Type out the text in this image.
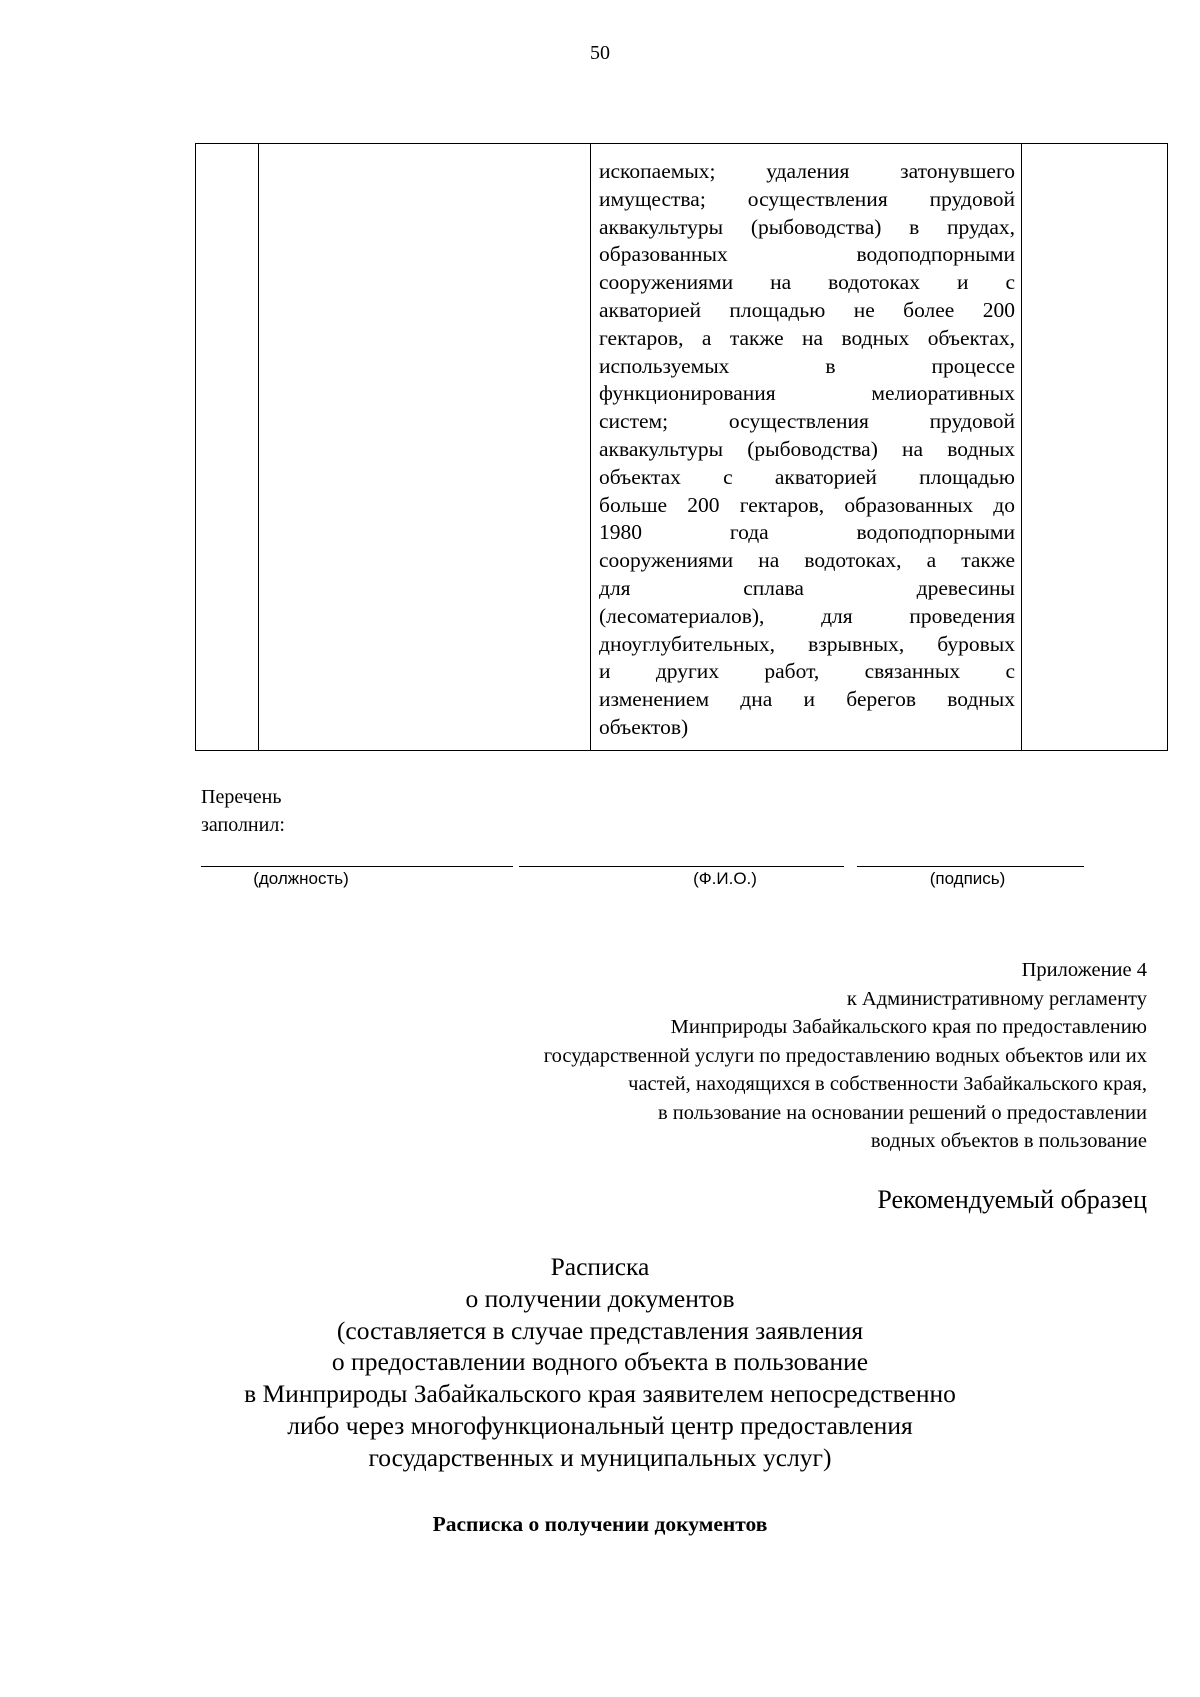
50

ископаемых; удаления затонувшего
имущества; осуществления прудовой
аквакультуры (рыбоводства) в прудах,
образованных водоподпорными
сооружениями на водотоках и с
акваторией площадью не более 200
гектаров, а также на водных объектах,
используемых в процессе
функционирования мелиоративных
систем; осуществления прудовой
аквакультуры (рыбоводства) на водных
объектах с акваторией площадью
больше 200 гектаров, образованных до
1980 года водоподпорными
сооружениями на водотоках, а также
для сплава древесины
(лесоматериалов), для проведения
дноуглубительных, взрывных, буровых
и других работ, связанных с
изменением дна и берегов водных
объектов)

Перечень
заполнил:
(должность)	(Ф.И.О.)	(подпись)
Приложение 4
к Административному регламенту
Минприроды Забайкальского края по предоставлению
государственной услуги по предоставлению водных объектов или их
частей, находящихся в собственности Забайкальского края,
в пользование на основании решений о предоставлении
водных объектов в пользование
Рекомендуемый образец
Расписка
о получении документов
(составляется в случае представления заявления
о предоставлении водного объекта в пользование
в Минприроды Забайкальского края заявителем непосредственно
либо через многофункциональный центр предоставления
государственных и муниципальных услуг)
Расписка о получении документов
